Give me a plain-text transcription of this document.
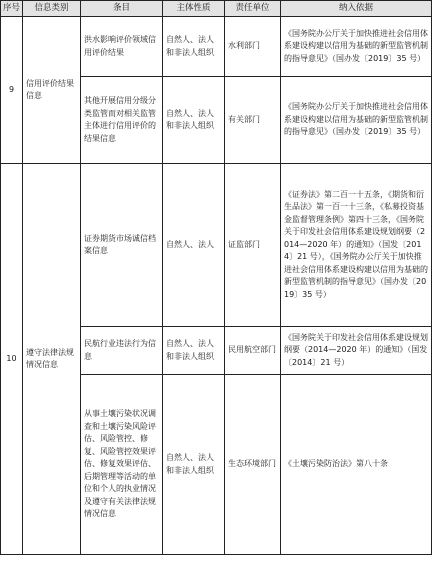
序号	信息类别	条目	主体性质	责任单位	纳入依据
9	信用评价结果信息	洪水影响评价领域信用评价结果	自然人、法人和非法人组织	水利部门	《国务院办公厅关于加快推进社会信用体系建设构建以信用为基础的新型监管机制的指导意见》（国办发〔2019〕35 号）
		其他开展信用分级分类监管而对相关监管主体进行信用评价的结果信息	自然人、法人和非法人组织	有关部门	《国务院办公厅关于加快推进社会信用体系建设构建以信用为基础的新型监管机制的指导意见》（国办发〔2019〕35 号）
10	遵守法律法规情况信息	证券期货市场诚信档案信息	自然人、法人	证监部门	《证券法》第二百一十五条，《期货和衍生品法》第一百一十三条，《私募投资基金监督管理条例》第四十三条，《国务院关于印发社会信用体系建设规划纲要（2014—2020 年）的通知》（国发〔2014〕21 号），《国务院办公厅关于加快推进社会信用体系建设构建以信用为基础的新型监管机制的指导意见》（国办发〔2019〕35 号）
		民航行业违法行为信息	自然人、法人和非法人组织	民用航空部门	《国务院关于印发社会信用体系建设规划纲要（2014—2020 年）的通知》（国发〔2014〕21 号）
		从事土壤污染状况调查和土壤污染风险评估、风险管控、修复、风险管控效果评估、修复效果评估、后期管理等活动的单位和个人的执业情况及遵守有关法律法规情况信息	自然人、法人和非法人组织	生态环境部门	《土壤污染防治法》第八十条
